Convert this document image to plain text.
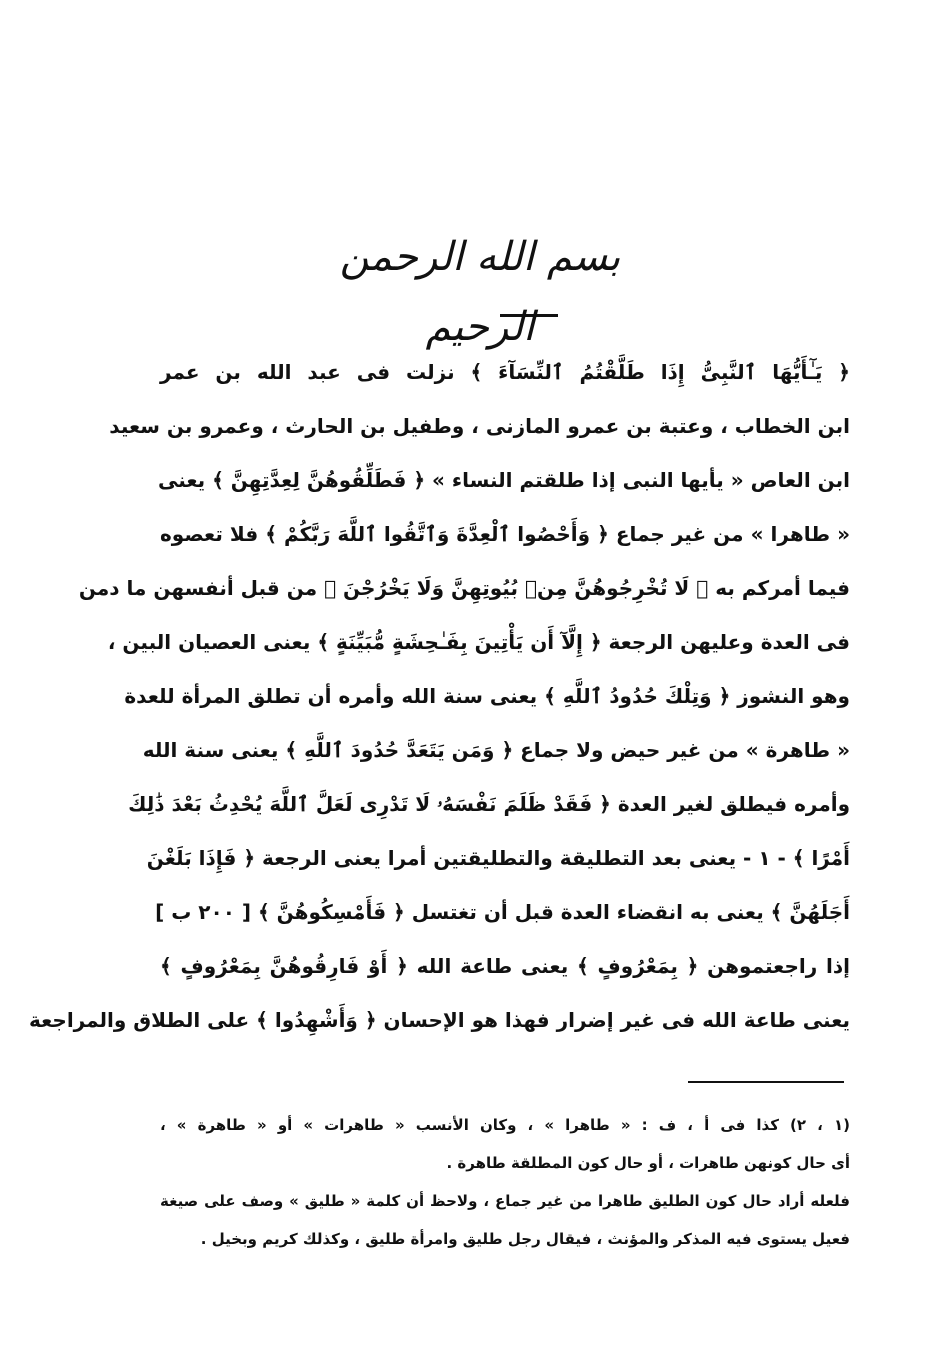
بسم الله الرحمن الرحيم
﴿ يَـٰٓأَيُّهَا ٱلنَّبِىُّ إِذَا طَلَّقْتُمُ ٱلنِّسَآءَ ﴾ نزلت فى عبد الله بن عمر
ابن الخطاب ، وعتبة بن عمرو المازنى ، وطفيل بن الحارث ، وعمرو بن سعيد
ابن العاص « يأيها النبى إذا طلقتم النساء » ﴿ فَطَلِّقُوهُنَّ لِعِدَّتِهِنَّ ﴾ يعنى
« طاهرا » من غير جماع ﴿ وَأَحْصُوا ٱلْعِدَّةَ وَٱتَّقُوا ٱللَّهَ رَبَّكُمْ ﴾ فلا تعصوه
فيما أمركم به ﴿ لَا تُخْرِجُوهُنَّ مِنۢ بُيُوتِهِنَّ وَلَا يَخْرُجْنَ ﴾ من قبل أنفسهن ما دمن
فى العدة وعليهن الرجعة ﴿ إِلَّآ أَن يَأْتِينَ بِفَـٰحِشَةٍ مُّبَيِّنَةٍ ﴾ يعنى العصيان البين ،
وهو النشوز ﴿ وَتِلْكَ حُدُودُ ٱللَّهِ ﴾ يعنى سنة الله وأمره أن تطلق المرأة للعدة
« طاهرة » من غير حيض ولا جماع ﴿ وَمَن يَتَعَدَّ حُدُودَ ٱللَّهِ ﴾ يعنى سنة الله
وأمره فيطلق لغير العدة ﴿ فَقَدْ ظَلَمَ نَفْسَهُۥ لَا تَدْرِى لَعَلَّ ٱللَّهَ يُحْدِثُ بَعْدَ ذَٰلِكَ
أَمْرًا ﴾ - ١ - يعنى بعد التطليقة والتطليقتين أمرا يعنى الرجعة ﴿ فَإِذَا بَلَغْنَ
أَجَلَهُنَّ ﴾ يعنى به انقضاء العدة قبل أن تغتسل ﴿ فَأَمْسِكُوهُنَّ ﴾ [ ٢٠٠ ب ]
إذا راجعتموهن ﴿ بِمَعْرُوفٍ ﴾ يعنى طاعة الله ﴿ أَوْ فَارِقُوهُنَّ بِمَعْرُوفٍ ﴾
يعنى طاعة الله فى غير إضرار فهذا هو الإحسان ﴿ وَأَشْهِدُوا ﴾ على الطلاق والمراجعة
(١ ، ٢) كذا فى أ ، ف : « طاهرا » ، وكان الأنسب « طاهرات » أو « طاهرة » ،
أى حال كونهن طاهرات ، أو حال كون المطلقة طاهرة .
فلعله أراد حال كون الطليق طاهرا من غير جماع ، ولاحظ أن كلمة « طليق » وصف على صيغة
فعيل يستوى فيه المذكر والمؤنث ، فيقال رجل طليق وامرأة طليق ، وكذلك كريم وبخيل .
